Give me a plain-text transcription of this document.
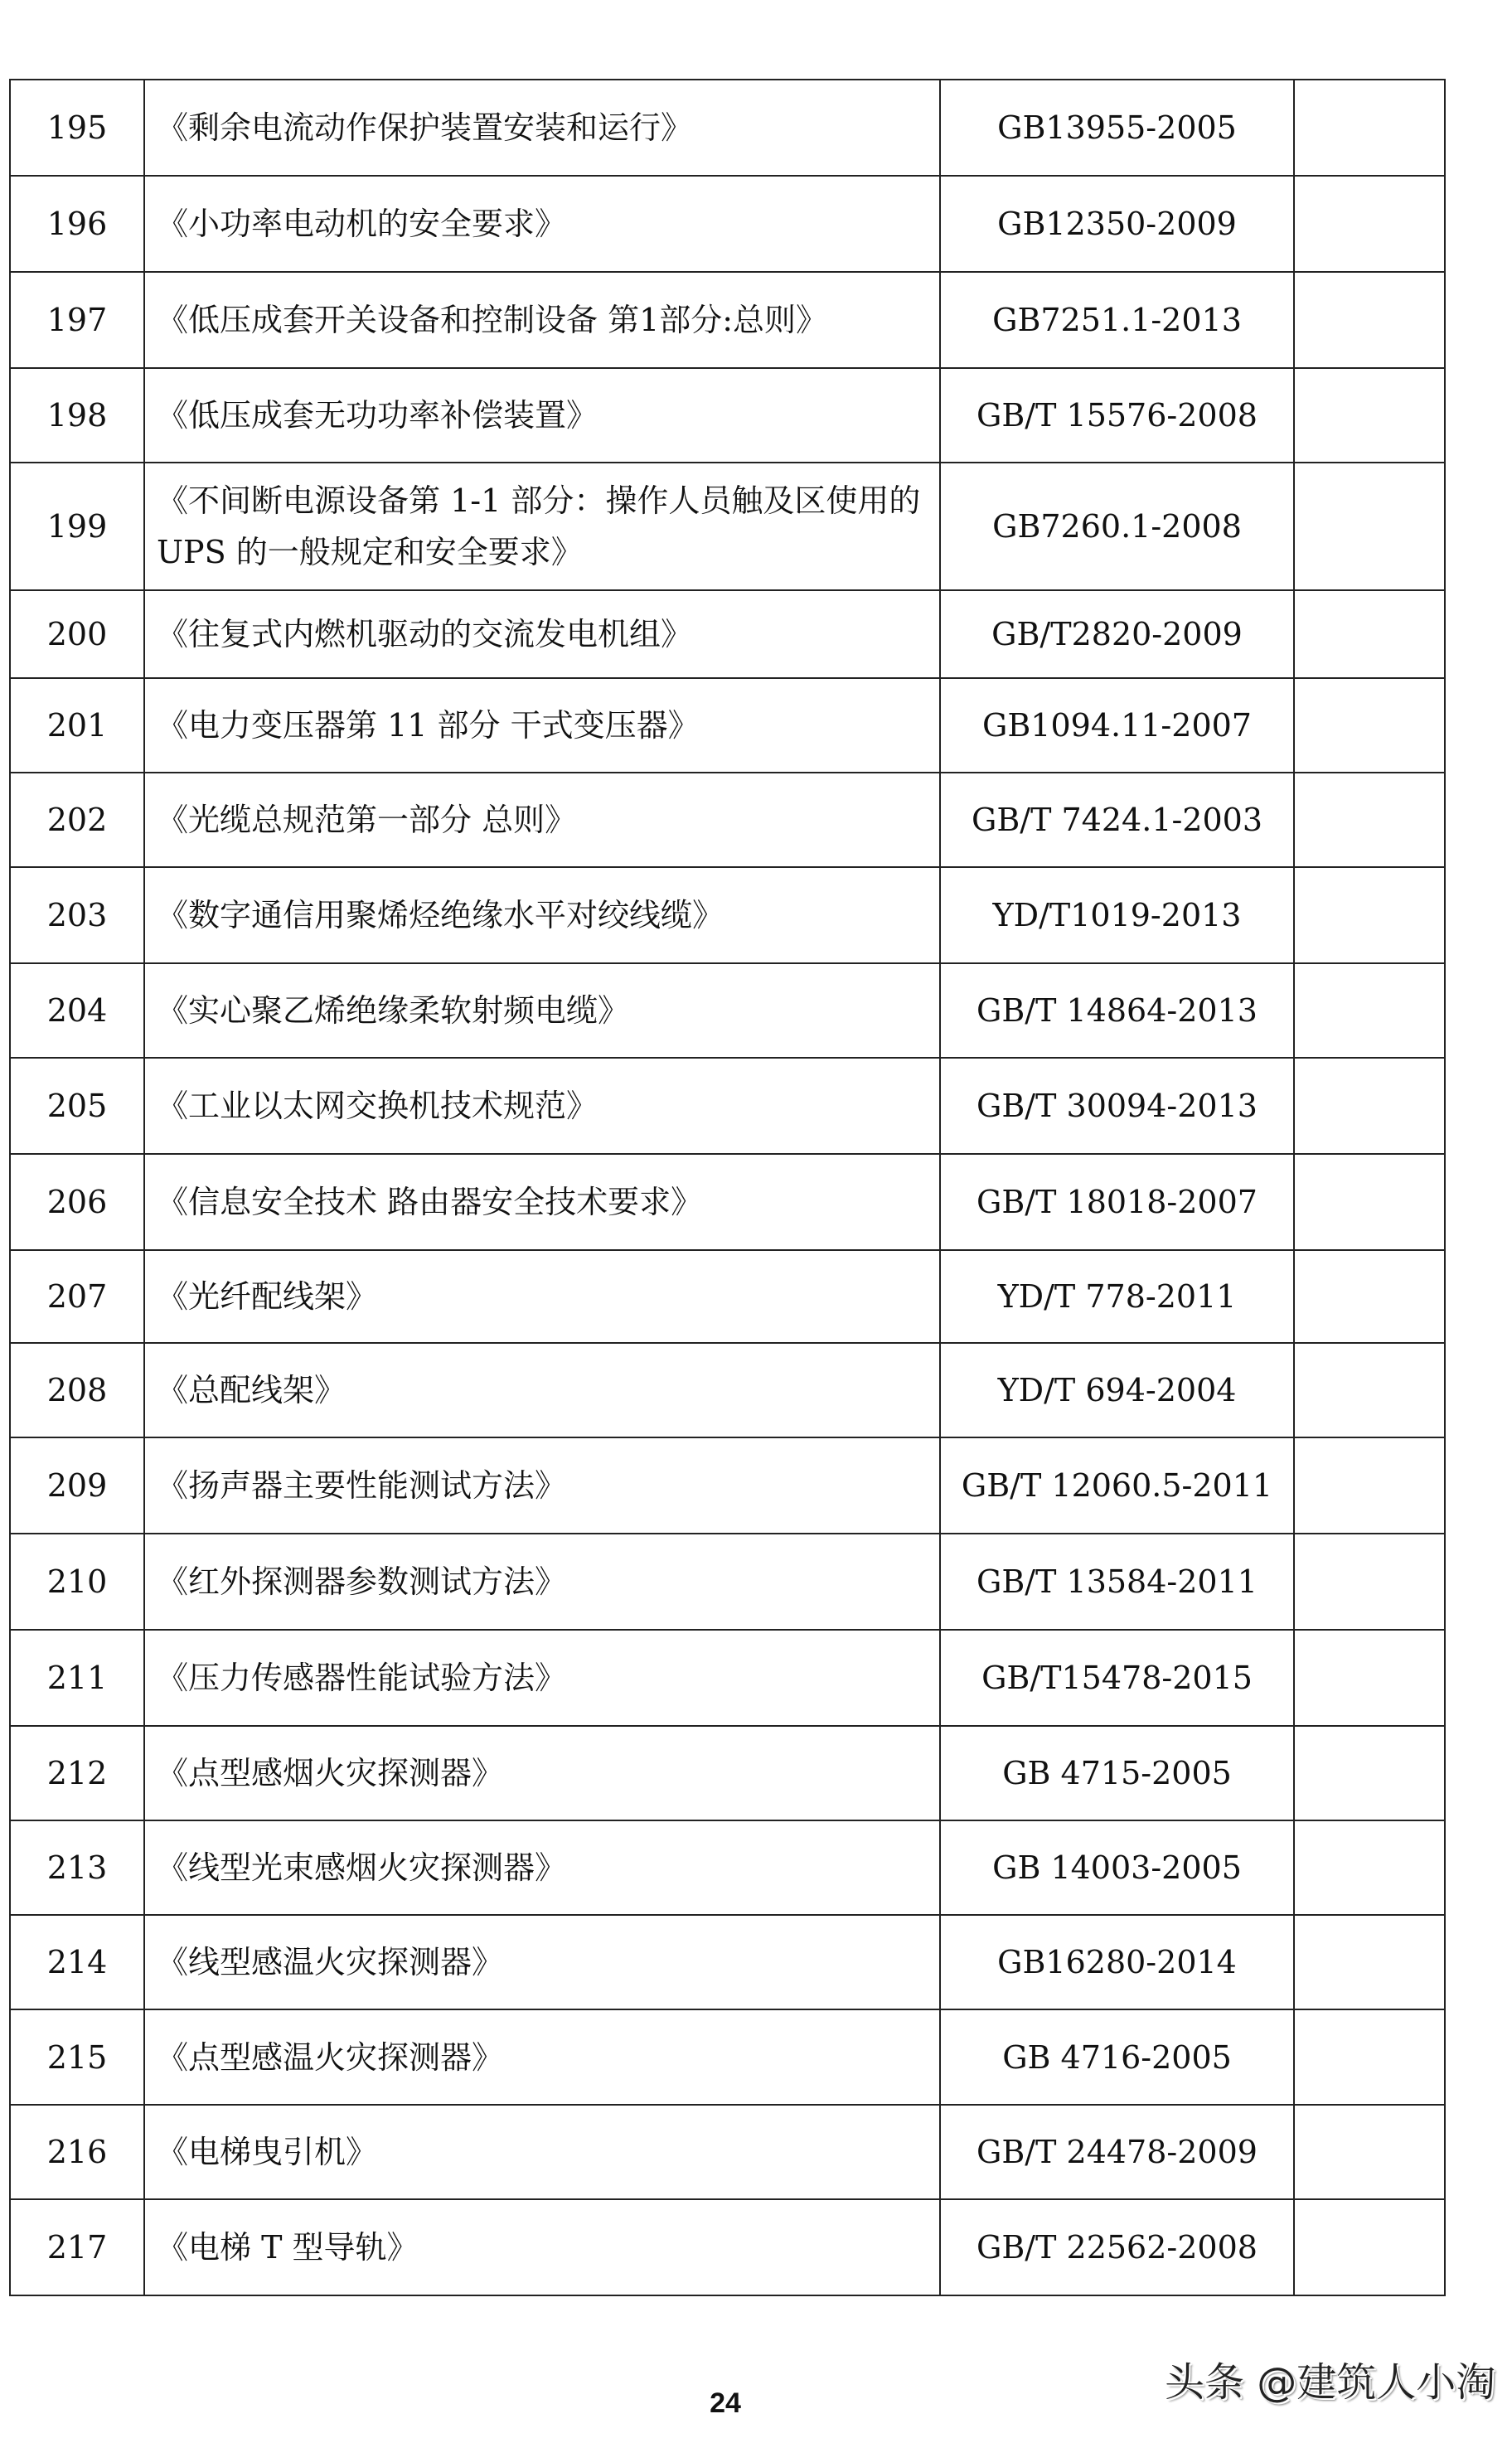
195	《剩余电流动作保护装置安装和运行》	GB13955-2005	
196	《小功率电动机的安全要求》	GB12350-2009	
197	《低压成套开关设备和控制设备 第1部分:总则》	GB7251.1-2013	
198	《低压成套无功功率补偿装置》	GB/T 15576-2008	
199	《不间断电源设备第 1-1 部分：操作人员触及区使用的 UPS 的一般规定和安全要求》	GB7260.1-2008	
200	《往复式内燃机驱动的交流发电机组》	GB/T2820-2009	
201	《电力变压器第 11 部分 干式变压器》	GB1094.11-2007	
202	《光缆总规范第一部分 总则》	GB/T 7424.1-2003	
203	《数字通信用聚烯烃绝缘水平对绞线缆》	YD/T1019-2013	
204	《实心聚乙烯绝缘柔软射频电缆》	GB/T 14864-2013	
205	《工业以太网交换机技术规范》	GB/T 30094-2013	
206	《信息安全技术 路由器安全技术要求》	GB/T 18018-2007	
207	《光纤配线架》	YD/T 778-2011	
208	《总配线架》	YD/T 694-2004	
209	《扬声器主要性能测试方法》	GB/T 12060.5-2011	
210	《红外探测器参数测试方法》	GB/T 13584-2011	
211	《压力传感器性能试验方法》	GB/T15478-2015	
212	《点型感烟火灾探测器》	GB 4715-2005	
213	《线型光束感烟火灾探测器》	GB 14003-2005	
214	《线型感温火灾探测器》	GB16280-2014	
215	《点型感温火灾探测器》	GB 4716-2005	
216	《电梯曳引机》	GB/T 24478-2009	
217	《电梯 T 型导轨》	GB/T 22562-2008	
24	头条 @建筑人小淘
